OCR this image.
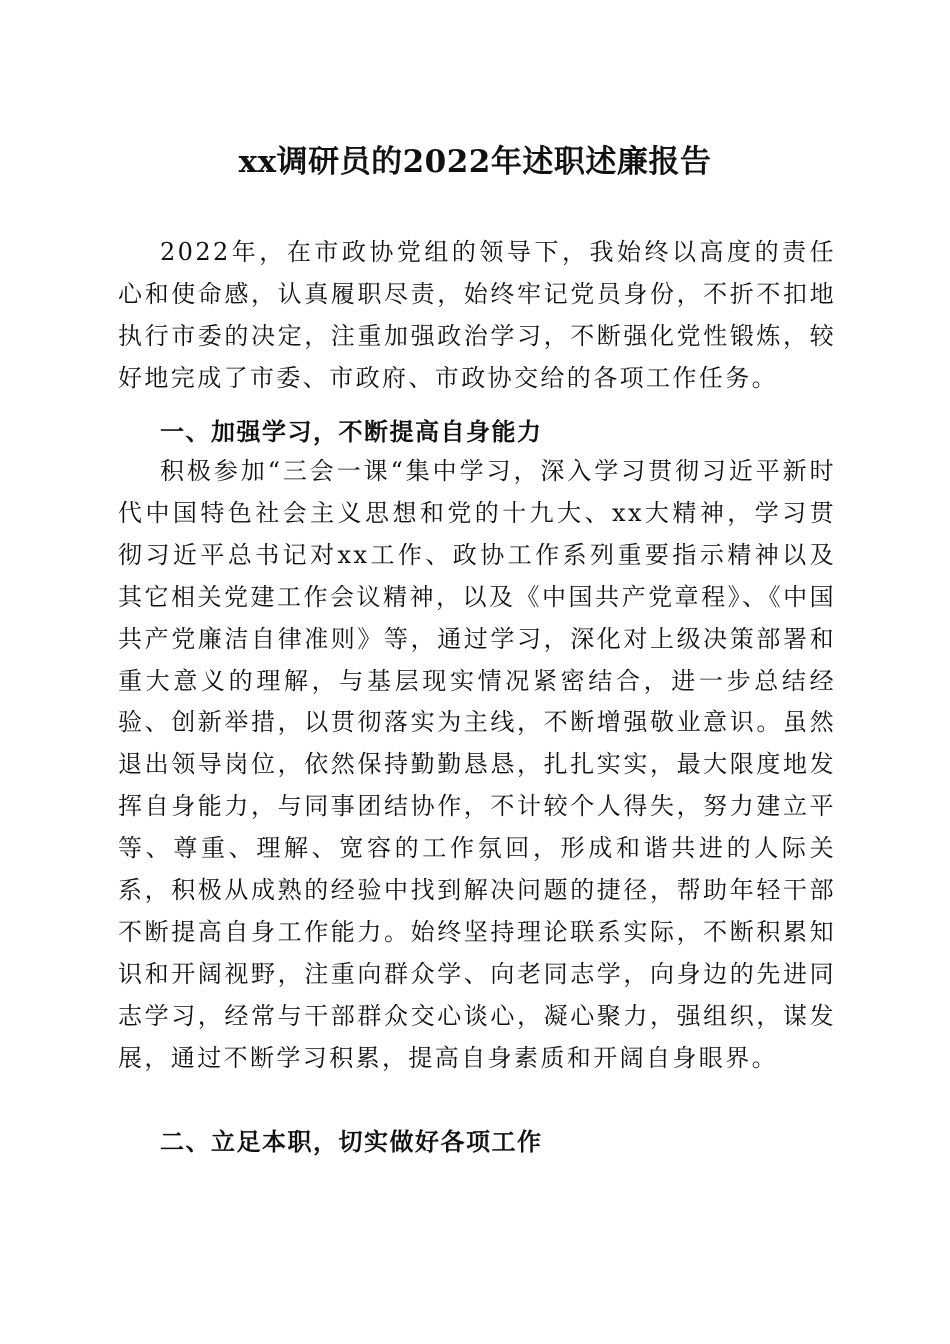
xx调研员的2022年述职述廉报告

2022年，在市政协党组的领导下，我始终以高度的责任心和使命感，认真履职尽责，始终牢记党员身份，不折不扣地执行市委的决定，注重加强政治学习，不断强化党性锻炼，较好地完成了市委、市政府、市政协交给的各项工作任务。

一、加强学习，不断提高自身能力

积极参加“三会一课“集中学习，深入学习贯彻习近平新时代中国特色社会主义思想和党的十九大、xx大精神，学习贯彻习近平总书记对xx工作、政协工作系列重要指示精神以及其它相关党建工作会议精神，以及《中国共产党章程》、《中国共产党廉洁自律准则》等，通过学习，深化对上级决策部署和重大意义的理解，与基层现实情况紧密结合，进一步总结经验、创新举措，以贯彻落实为主线，不断增强敬业意识。虽然退出领导岗位，依然保持勤勤恳恳，扎扎实实，最大限度地发挥自身能力，与同事团结协作，不计较个人得失，努力建立平等、尊重、理解、宽容的工作氛回，形成和谐共进的人际关系，积极从成熟的经验中找到解决问题的捷径，帮助年轻干部不断提高自身工作能力。始终坚持理论联系实际，不断积累知识和开阔视野，注重向群众学、向老同志学，向身边的先进同志学习，经常与干部群众交心谈心，凝心聚力，强组织，谋发展，通过不断学习积累，提高自身素质和开阔自身眼界。

二、立足本职，切实做好各项工作
